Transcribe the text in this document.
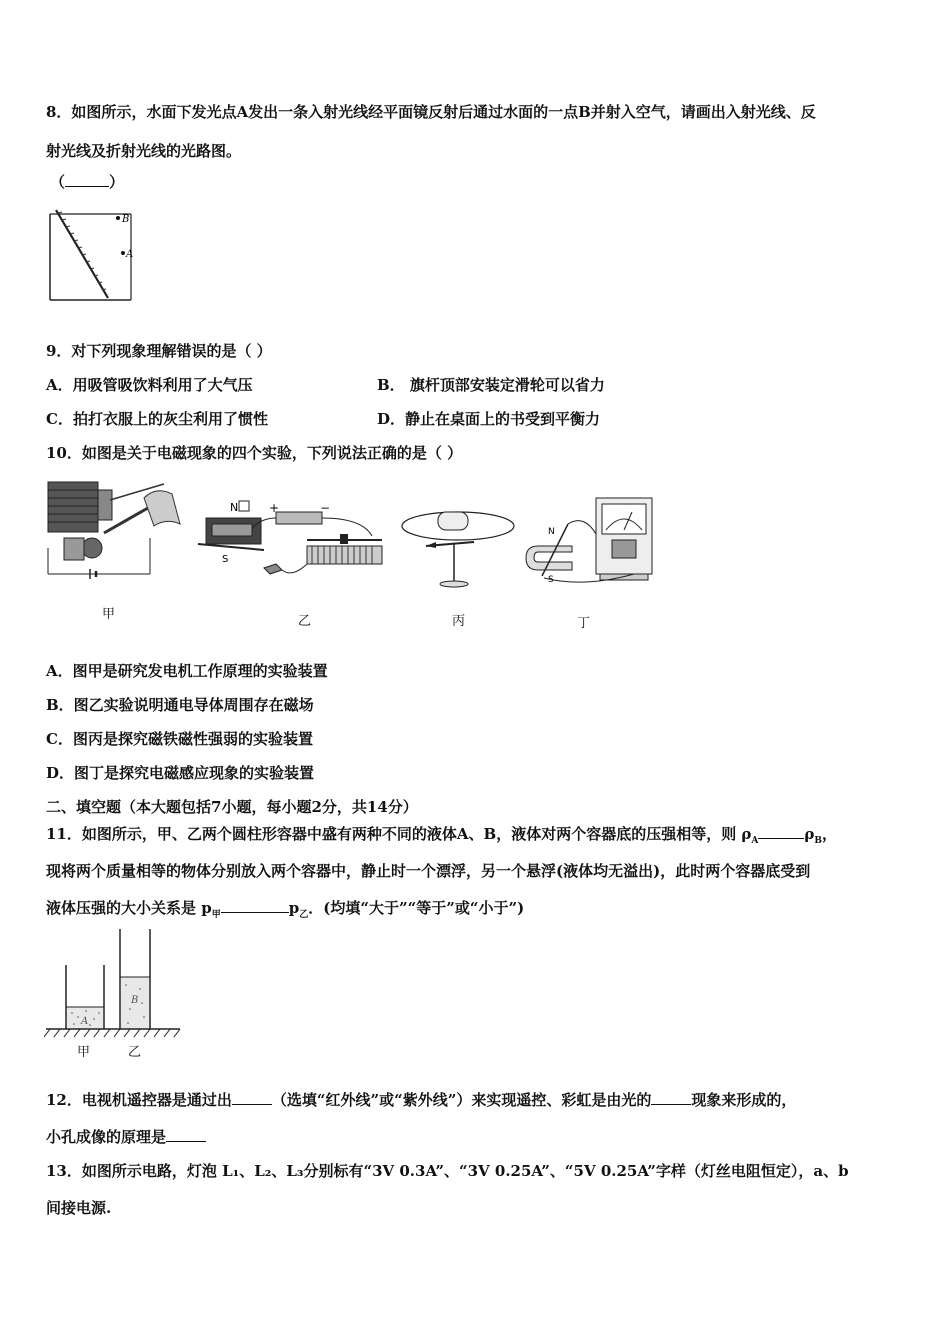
8．如图所示，水面下发光点A发出一条入射光线经平面镜反射后通过水面的一点B并射入空气，请画出入射光线、反
射光线及折射光线的光路图。
（	）
B
A
9．对下列现象理解错误的是（ ）
A．用吸管吸饮料利用了大气压	B． 旗杆顶部安装定滑轮可以省力
C．拍打衣服上的灰尘利用了惯性	D．静止在桌面上的书受到平衡力
10．如图是关于电磁现象的四个实验，下列说法正确的是（ ）
甲
N
S
+	−
乙	丙
N
S
丁
A．图甲是研究发电机工作原理的实验装置
B．图乙实验说明通电导体周围存在磁场
C．图丙是探究磁铁磁性强弱的实验装置
D．图丁是探究电磁感应现象的实验装置
二、填空题（本大题包括7小题，每小题2分，共14分）
11．如图所示，甲、乙两个圆柱形容器中盛有两种不同的液体A、B，液体对两个容器底的压强相等，则 $\rho_A$	$\rho_B$，
现将两个质量相等的物体分别放入两个容器中，静止时一个漂浮，另一个悬浮(液体均无溢出)，此时两个容器底受到
液体压强的大小关系是 $p_甲$	$p_乙$．(均填“大于”“等于”或“小于”)
A
B
甲	乙
12．电视机遥控器是通过出	（选填“红外线”或“紫外线”）来实现遥控、彩虹是由光的	现象来形成的，
小孔成像的原理是
13．如图所示电路，灯泡 L₁、L₂、L₃分别标有“3V 0.3A”、“3V 0.25A”、“5V 0.25A”字样（灯丝电阻恒定），a、b
间接电源.
